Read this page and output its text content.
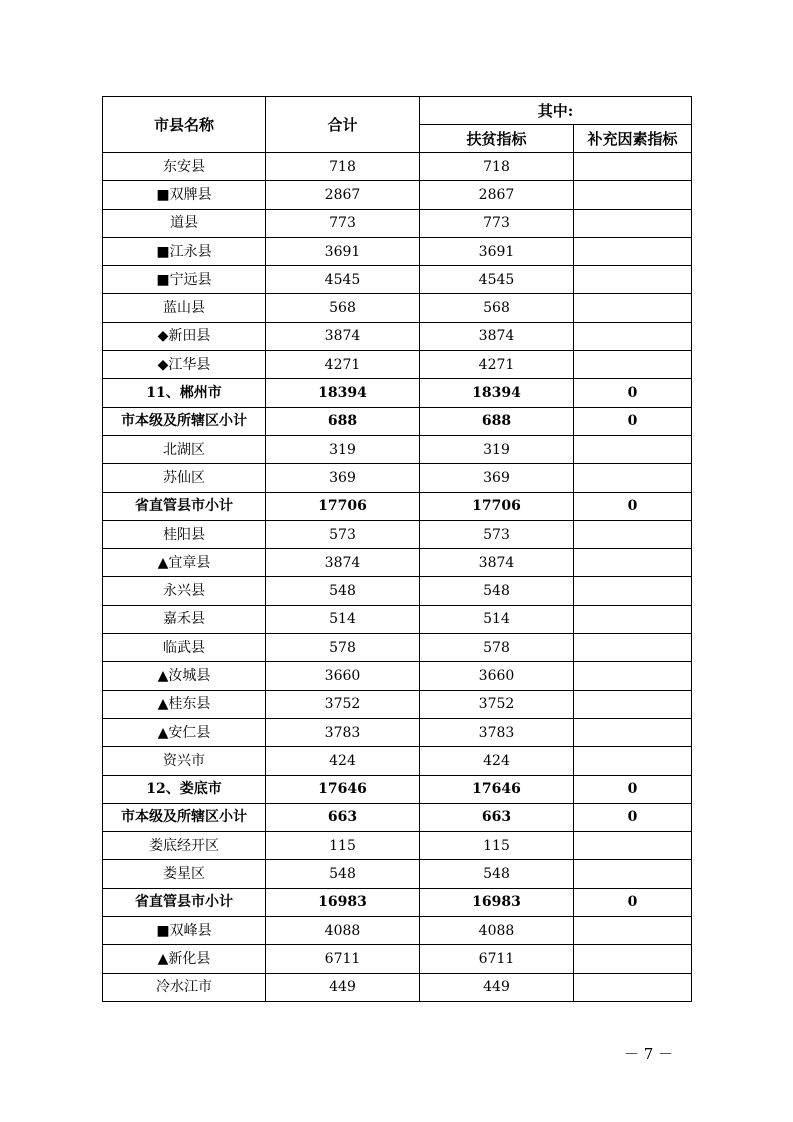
市县名称	合计	其中:	
		扶贫指标	补充因素指标
东安县	718	718	
■双牌县	2867	2867	
道县	773	773	
■江永县	3691	3691	
■宁远县	4545	4545	
蓝山县	568	568	
◆新田县	3874	3874	
◆江华县	4271	4271	
11、郴州市	18394	18394	0
市本级及所辖区小计	688	688	0
北湖区	319	319	
苏仙区	369	369	
省直管县市小计	17706	17706	0
桂阳县	573	573	
▲宜章县	3874	3874	
永兴县	548	548	
嘉禾县	514	514	
临武县	578	578	
▲汝城县	3660	3660	
▲桂东县	3752	3752	
▲安仁县	3783	3783	
资兴市	424	424	
12、娄底市	17646	17646	0
市本级及所辖区小计	663	663	0
娄底经开区	115	115	
娄星区	548	548	
省直管县市小计	16983	16983	0
■双峰县	4088	4088	
▲新化县	6711	6711	
冷水江市	449	449	
－ 7 －
